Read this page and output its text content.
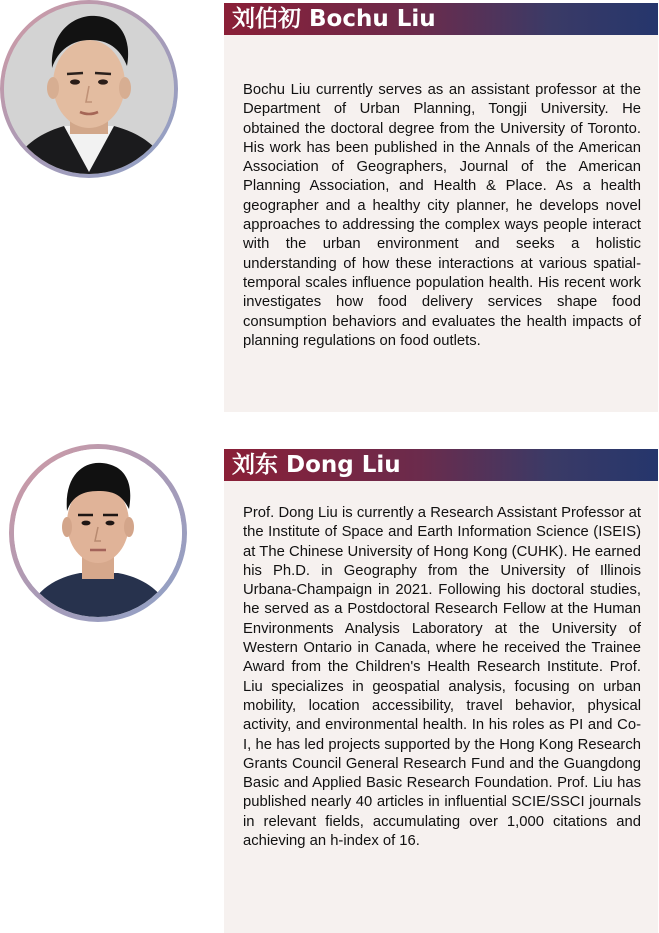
刘伯初 Bochu Liu
Bochu Liu currently serves as an assistant professor at the Department of Urban Planning, Tongji University. He obtained the doctoral degree from the University of Toronto. His work has been published in the Annals of the American Association of Geographers, Journal of the American Planning Association, and Health & Place. As a health geographer and a healthy city planner, he develops novel approaches to addressing the complex ways people interact with the urban environment and seeks a holistic understanding of how these interactions at various spatial-temporal scales influence population health. His recent work investigates how food delivery services shape food consumption behaviors and evaluates the health impacts of planning regulations on food outlets.
刘东 Dong Liu
Prof. Dong Liu is currently a Research Assistant Professor at the Institute of Space and Earth Information Science (ISEIS) at The Chinese University of Hong Kong (CUHK). He earned his Ph.D. in Geography from the University of Illinois Urbana-Champaign in 2021. Following his doctoral studies, he served as a Postdoctoral Research Fellow at the Human Environments Analysis Laboratory at the University of Western Ontario in Canada, where he received the Trainee Award from the Children's Health Research Institute. Prof. Liu specializes in geospatial analysis, focusing on urban mobility, location accessibility, travel behavior, physical activity, and environmental health. In his roles as PI and Co-I, he has led projects supported by the Hong Kong Research Grants Council General Research Fund and the Guangdong Basic and Applied Basic Research Foundation. Prof. Liu has published nearly 40 articles in influential SCIE/SSCI journals in relevant fields, accumulating over 1,000 citations and achieving an h-index of 16.
